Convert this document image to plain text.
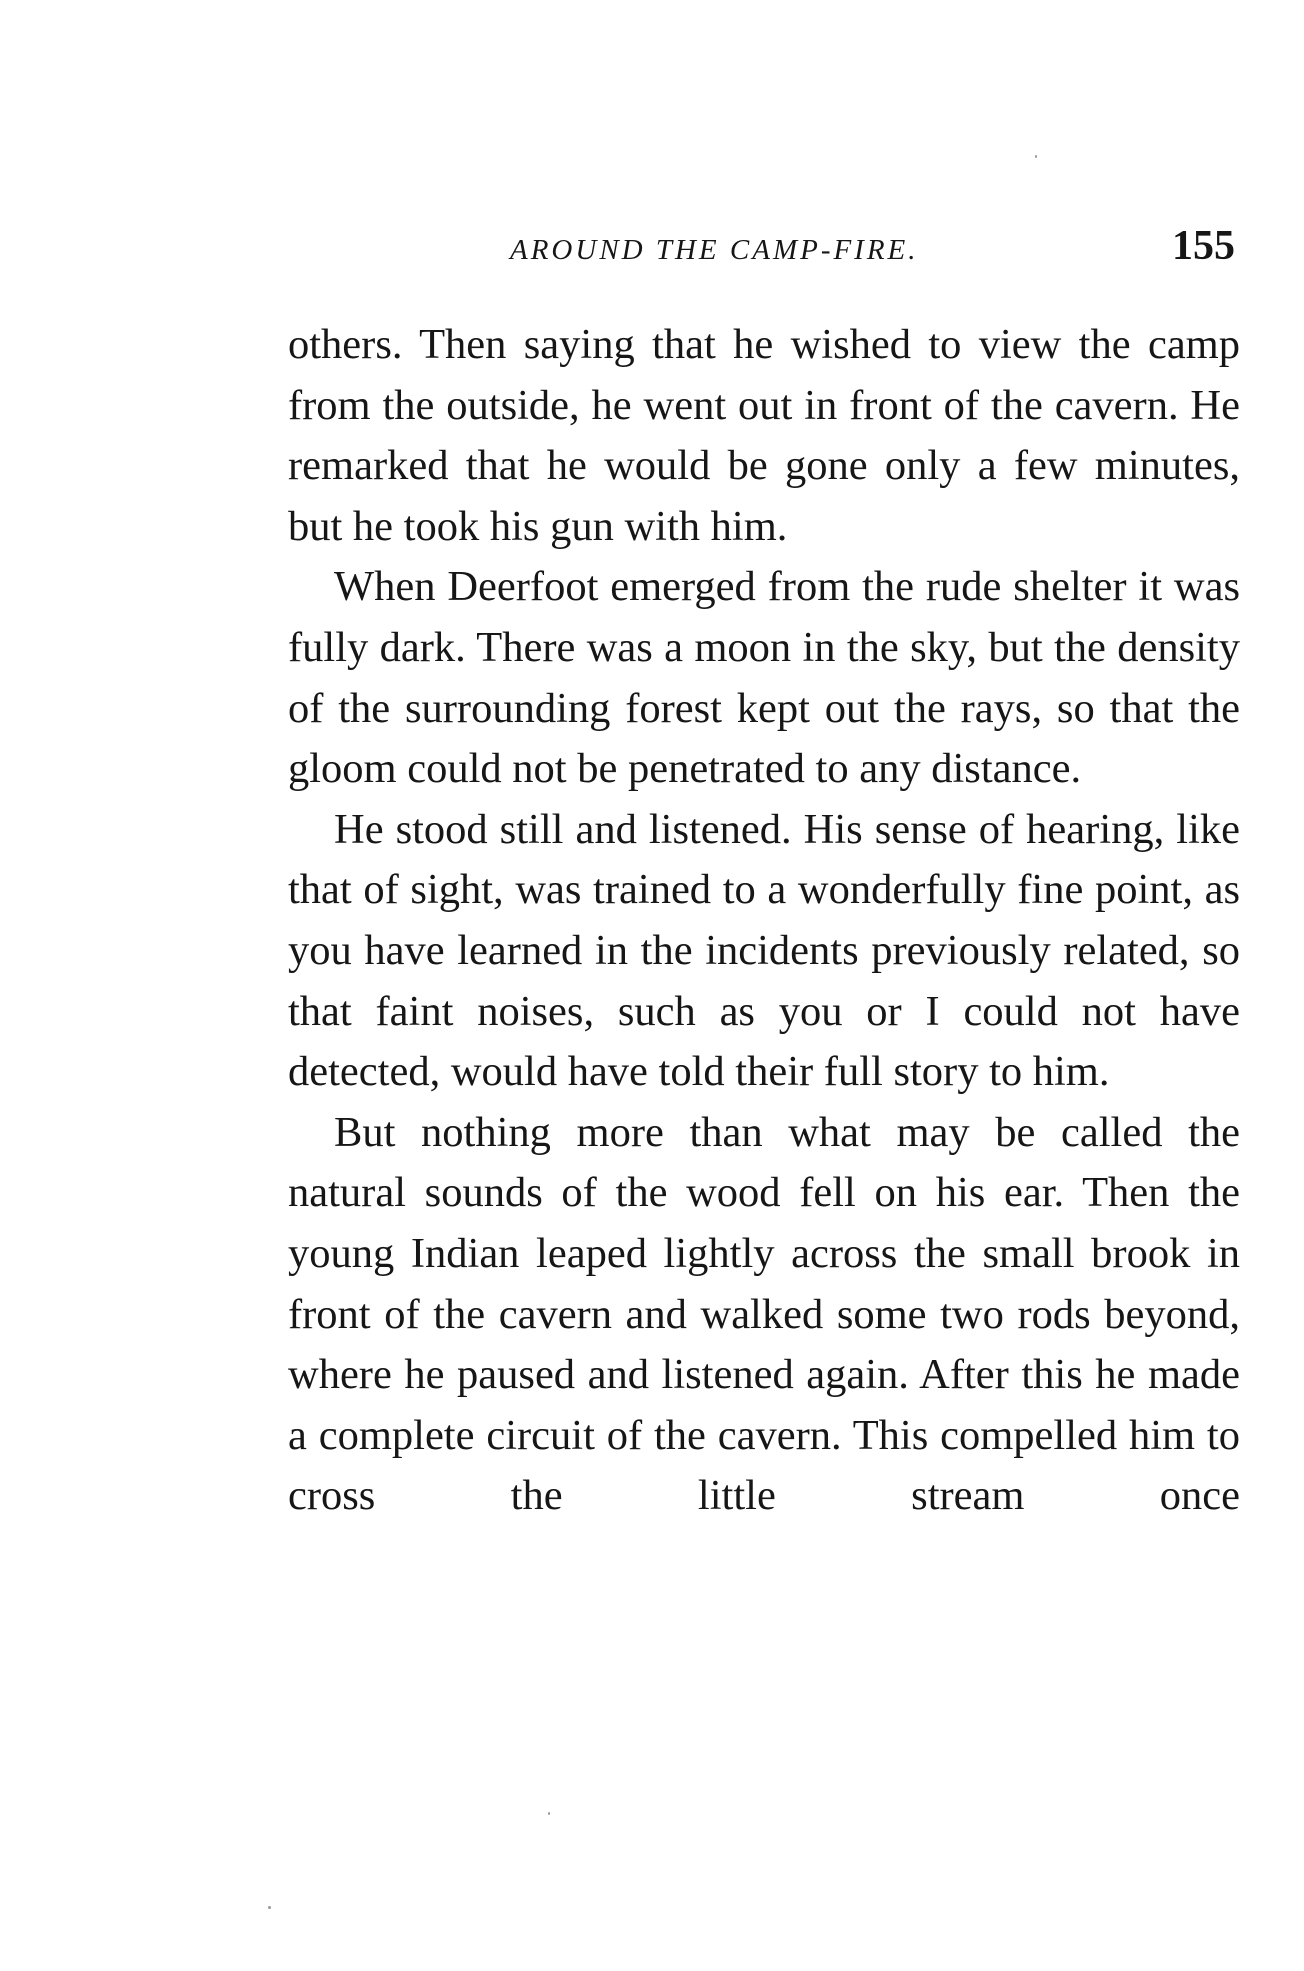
AROUND THE CAMP-FIRE.	155

others. Then saying that he wished to view the camp from the outside, he went out in front of the cavern. He remarked that he would be gone only a few minutes, but he took his gun with him.

When Deerfoot emerged from the rude shelter it was fully dark. There was a moon in the sky, but the density of the surrounding forest kept out the rays, so that the gloom could not be penetrated to any distance.

He stood still and listened. His sense of hearing, like that of sight, was trained to a wonderfully fine point, as you have learned in the incidents previously related, so that faint noises, such as you or I could not have detected, would have told their full story to him.

But nothing more than what may be called the natural sounds of the wood fell on his ear. Then the young Indian leaped lightly across the small brook in front of the cavern and walked some two rods beyond, where he paused and listened again. After this he made a complete circuit of the cavern. This compelled him to cross the little stream once
